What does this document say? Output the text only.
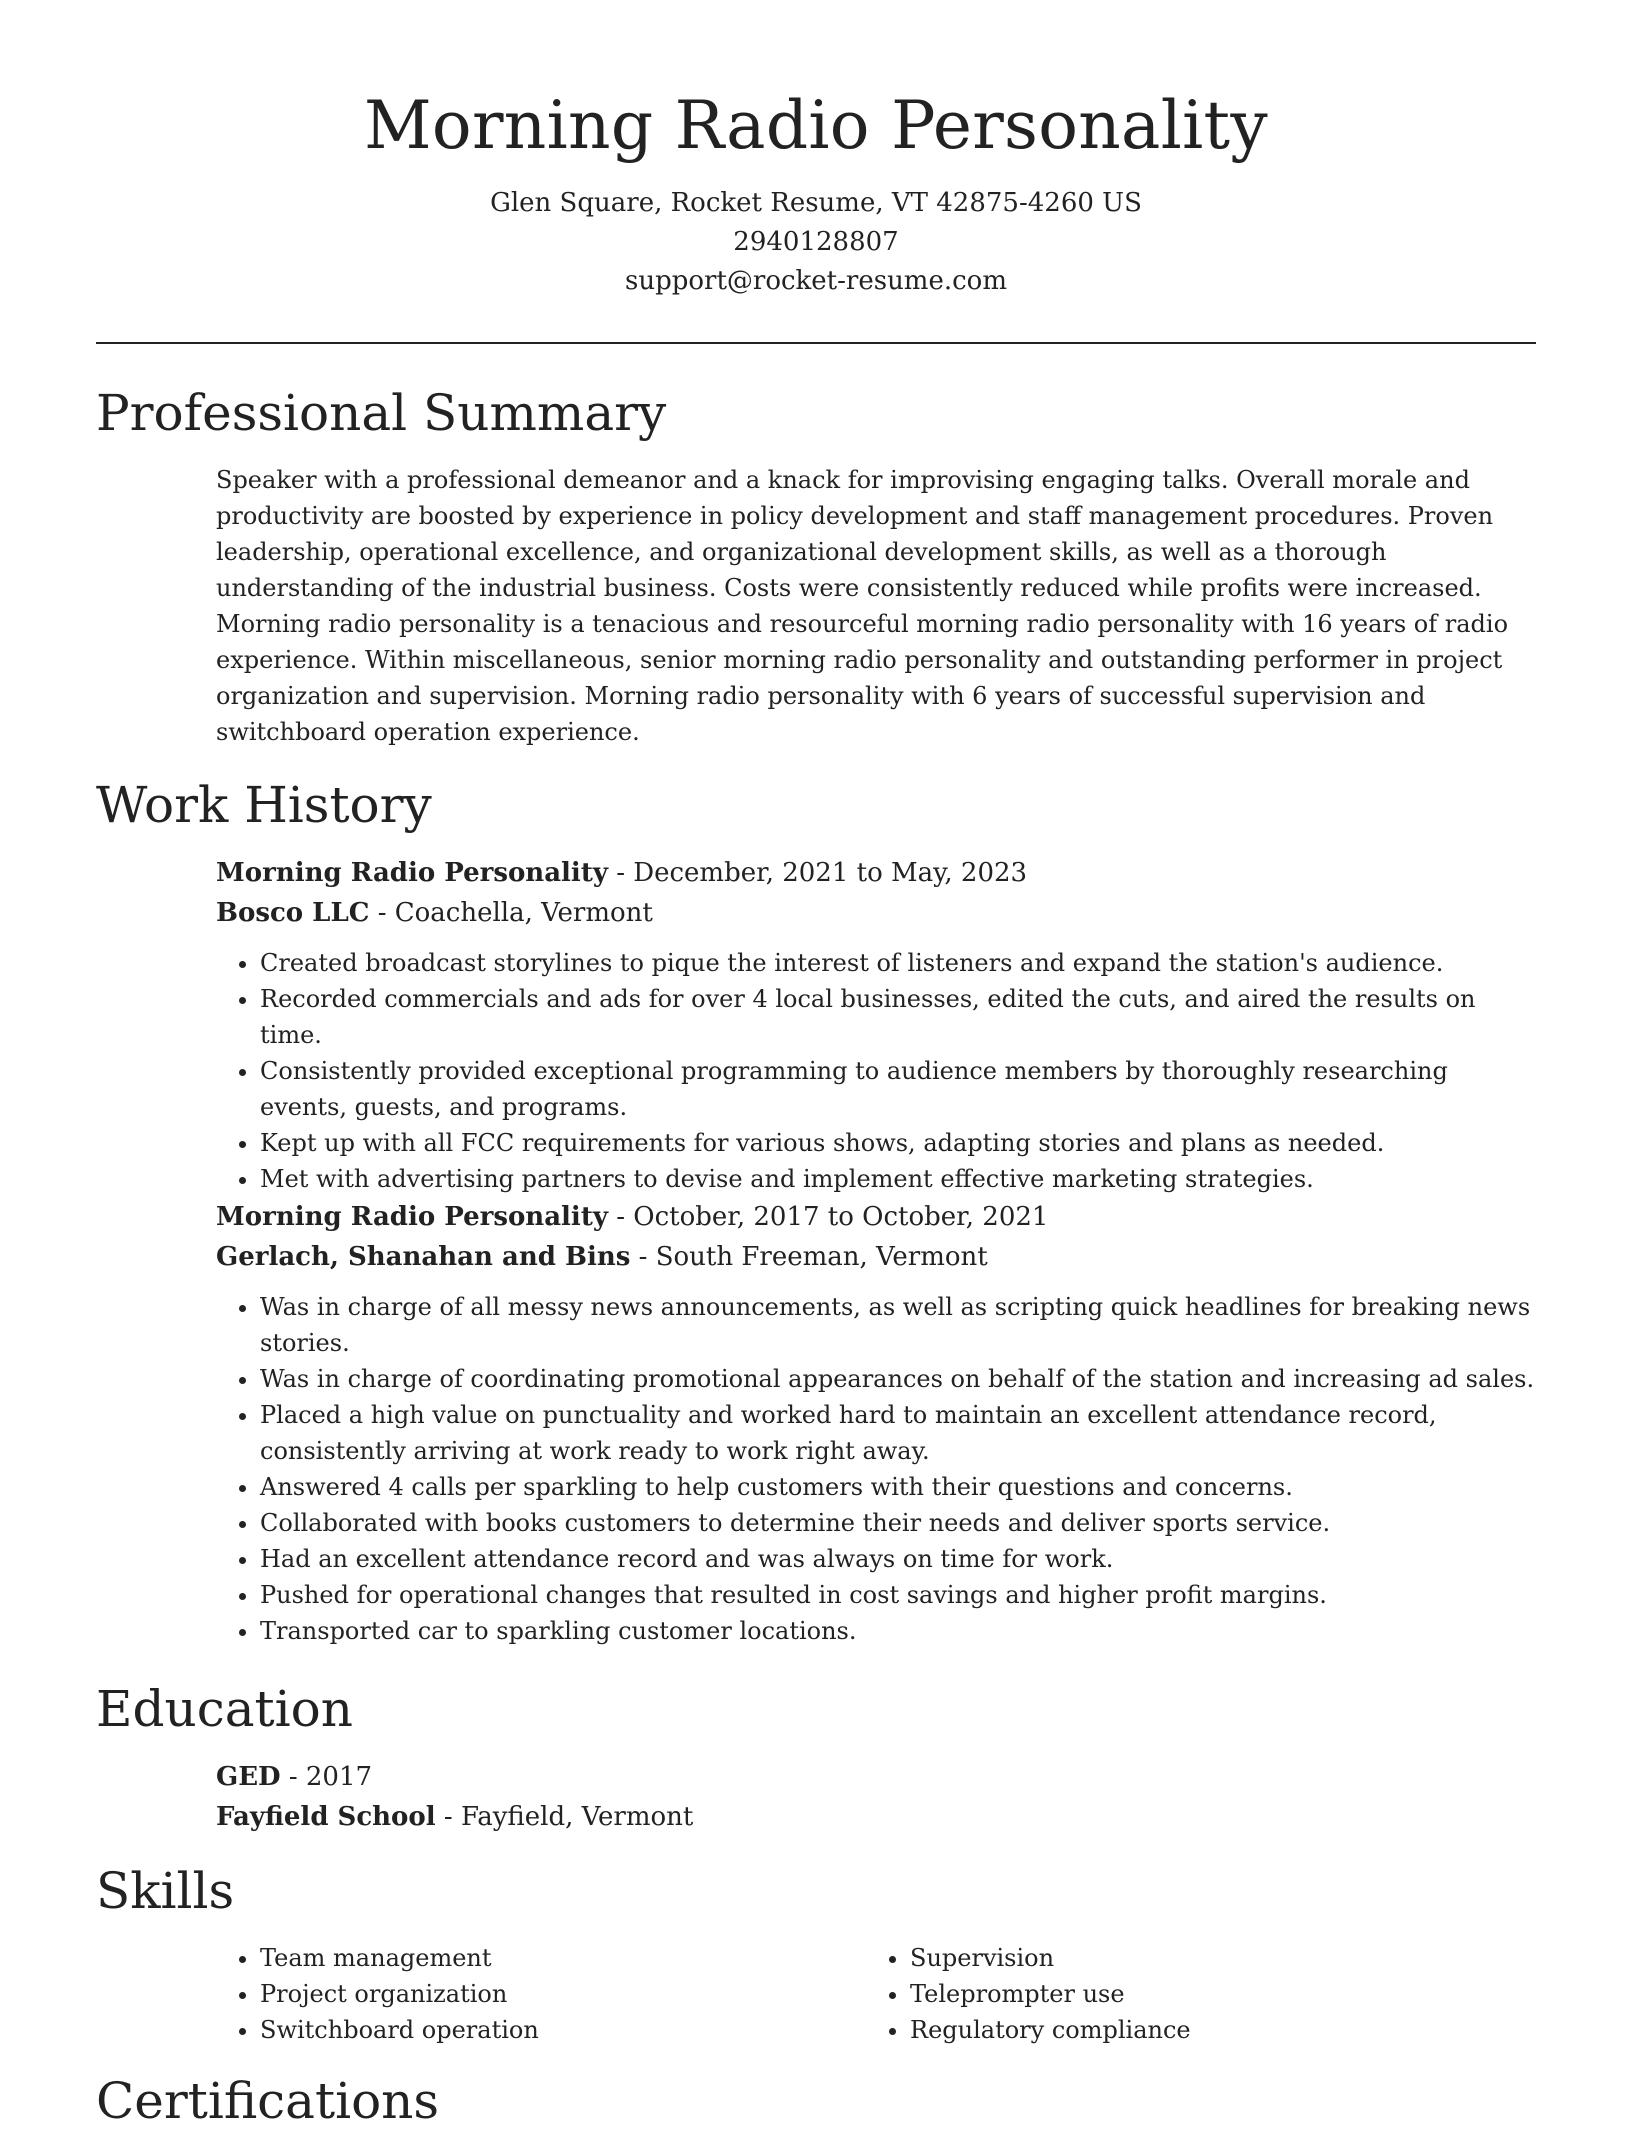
Morning Radio Personality

Glen Square, Rocket Resume, VT 42875-4260 US

2940128807

support@rocket-resume.com

Professional Summary

Speaker with a professional demeanor and a knack for improvising engaging talks. Overall morale and productivity are boosted by experience in policy development and staff management procedures. Proven leadership, operational excellence, and organizational development skills, as well as a thorough understanding of the industrial business. Costs were consistently reduced while profits were increased. Morning radio personality is a tenacious and resourceful morning radio personality with 16 years of radio experience. Within miscellaneous, senior morning radio personality and outstanding performer in project organization and supervision. Morning radio personality with 6 years of successful supervision and switchboard operation experience.

Work History

Morning Radio Personality - December, 2021 to May, 2023

Bosco LLC - Coachella, Vermont

• Created broadcast storylines to pique the interest of listeners and expand the station's audience.
• Recorded commercials and ads for over 4 local businesses, edited the cuts, and aired the results on time.
• Consistently provided exceptional programming to audience members by thoroughly researching events, guests, and programs.
• Kept up with all FCC requirements for various shows, adapting stories and plans as needed.
• Met with advertising partners to devise and implement effective marketing strategies.

Morning Radio Personality - October, 2017 to October, 2021

Gerlach, Shanahan and Bins - South Freeman, Vermont

• Was in charge of all messy news announcements, as well as scripting quick headlines for breaking news stories.
• Was in charge of coordinating promotional appearances on behalf of the station and increasing ad sales.
• Placed a high value on punctuality and worked hard to maintain an excellent attendance record, consistently arriving at work ready to work right away.
• Answered 4 calls per sparkling to help customers with their questions and concerns.
• Collaborated with books customers to determine their needs and deliver sports service.
• Had an excellent attendance record and was always on time for work.
• Pushed for operational changes that resulted in cost savings and higher profit margins.
• Transported car to sparkling customer locations.
Education

GED - 2017

Fayfield School - Fayfield, Vermont

Skills
• Team management
• Project organization
• Switchboard operation
• Supervision
• Teleprompter use
• Regulatory compliance
Certifications
